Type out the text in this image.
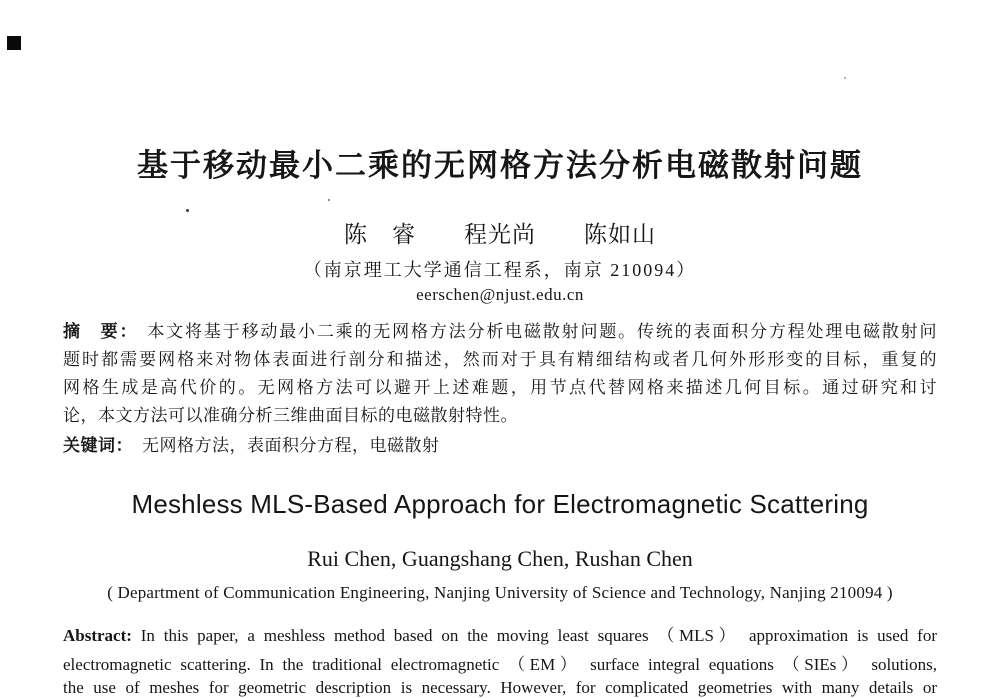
基于移动最小二乘的无网格方法分析电磁散射问题
陈　睿　　程光尚　　陈如山
（南京理工大学通信工程系，南京 210094）
eerschen@njust.edu.cn
摘　要： 本文将基于移动最小二乘的无网格方法分析电磁散射问题。传统的表面积分方程处理电磁散射问
题时都需要网格来对物体表面进行剖分和描述，然而对于具有精细结构或者几何外形形变的目标，重复的
网格生成是高代价的。无网格方法可以避开上述难题，用节点代替网格来描述几何目标。通过研究和讨
论，本文方法可以准确分析三维曲面目标的电磁散射特性。
关键词： 无网格方法，表面积分方程，电磁散射
Meshless MLS-Based Approach for Electromagnetic Scattering
Rui Chen, Guangshang Chen, Rushan Chen
( Department of Communication Engineering, Nanjing University of Science and Technology, Nanjing 210094 )
Abstract: In this paper, a meshless method based on the moving least squares （MLS） approximation is used for
electromagnetic scattering. In the traditional electromagnetic （EM） surface integral equations （SIEs） solutions,
the use of meshes for geometric description is necessary. However, for complicated geometries with many details or
